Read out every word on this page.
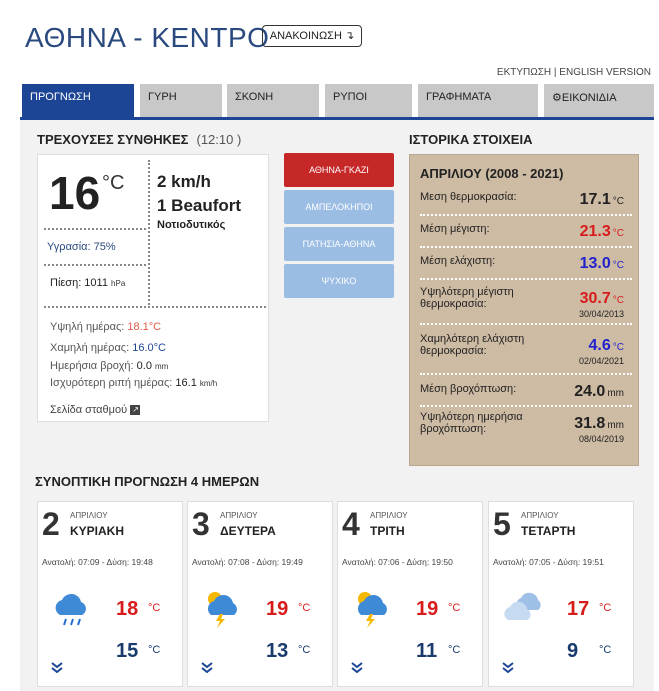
ΑΘΗΝΑ - ΚΕΝΤΡΟ ΑΝΑΚΟΙΝΩΣΗ ↴
ΕΚΤΥΠΩΣΗ | ENGLISH VERSION
ΠΡΟΓΝΩΣΗ	ΓΥΡΗ	ΣΚΟΝΗ	ΡΥΠΟΙ	ΓΡΑΦΗΜΑΤΑ	⚙ΕΙΚΟΝΙΔΙΑ
ΤΡΕΧΟΥΣΕΣ ΣΥΝΘΗΚΕΣ (12:10 )
16 °C 2 km/h
1 Beaufort
Νοτιοδυτικός
Υγρασία: 75%
Πίεση: 1011 hPa
Υψηλή ημέρας: 18.1°C
Χαμηλή ημέρας: 16.0°C
Ημερήσια βροχή: 0.0 mm
Ισχυρότερη ριπή ημέρας: 16.1 km/h
Σελίδα σταθμού ↗
ΑΘΗΝΑ-ΓΚΑΖΙ
ΑΜΠΕΛΟΚΗΠΟΙ
ΠΑΤΗΣΙΑ-ΑΘΗΝΑ
ΨΥΧΙΚΟ
ΙΣΤΟΡΙΚΑ ΣΤΟΙΧΕΙΑ
ΑΠΡΙΛΙΟΥ (2008 - 2021)
Μεση θερμοκρασία:	17.1 °C
Μέση μέγιστη:	21.3 °C
Μέση ελάχιστη:	13.0 °C
Υψηλότερη μέγιστη
θερμοκρασία:	30.7 °C
30/04/2013
Χαμηλότερη ελάχιστη
θερμοκρασία:	4.6 °C
02/04/2021
Μέση βροχόπτωση:	24.0 mm
Υψηλότερη ημερήσια
βροχόπτωση:	31.8 mm
08/04/2019
ΣΥΝΟΠΤΙΚΗ ΠΡΟΓΝΩΣΗ 4 ΗΜΕΡΩΝ
2 ΑΠΡΙΛΙΟΥ
ΚΥΡΙΑΚΗ
Ανατολή: 07:09 - Δύση: 19:48
18 °C
15 °C
3 ΑΠΡΙΛΙΟΥ
ΔΕΥΤΕΡΑ
Ανατολή: 07:08 - Δύση: 19:49
19 °C
13 °C
4 ΑΠΡΙΛΙΟΥ
ΤΡΙΤΗ
Ανατολή: 07:06 - Δύση: 19:50
19 °C
11 °C
5 ΑΠΡΙΛΙΟΥ
ΤΕΤΑΡΤΗ
Ανατολή: 07:05 - Δύση: 19:51
17 °C
9 °C
